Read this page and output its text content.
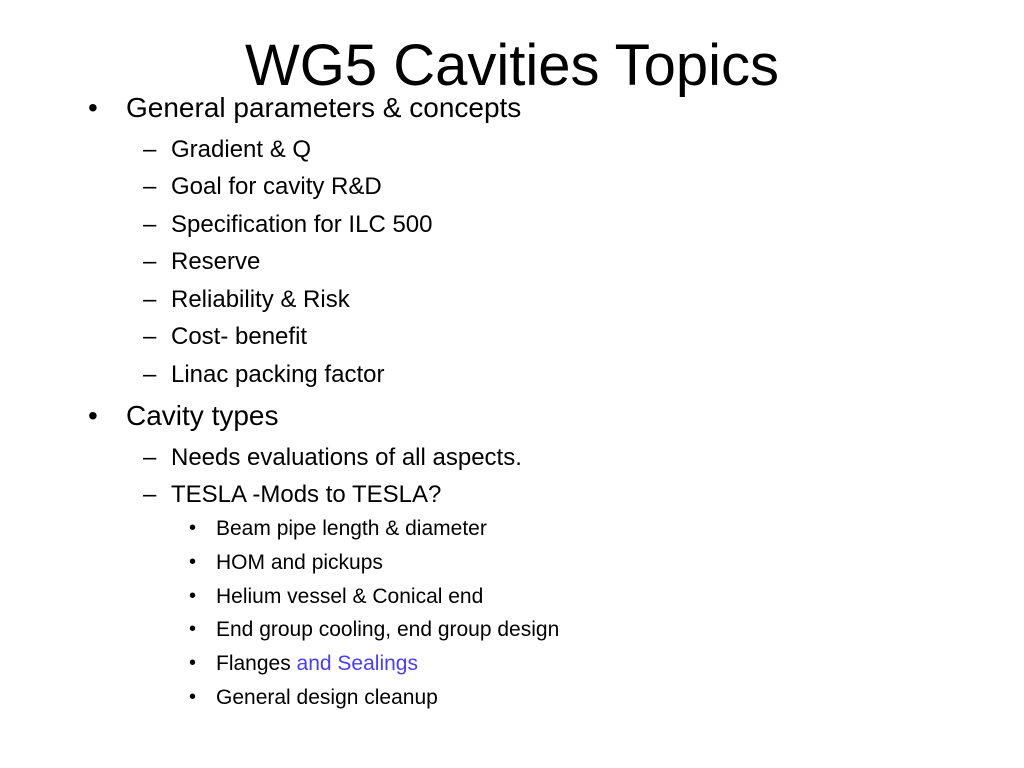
WG5 Cavities Topics
• General parameters & concepts
– Gradient & Q
– Goal for cavity R&D
– Specification for ILC 500
– Reserve
– Reliability & Risk
– Cost- benefit
– Linac packing factor
• Cavity types
– Needs evaluations of all aspects.
– TESLA -Mods to TESLA?
• Beam pipe length & diameter
• HOM and pickups
• Helium vessel & Conical end
• End group cooling, end group design
• Flanges and Sealings
• General design cleanup
